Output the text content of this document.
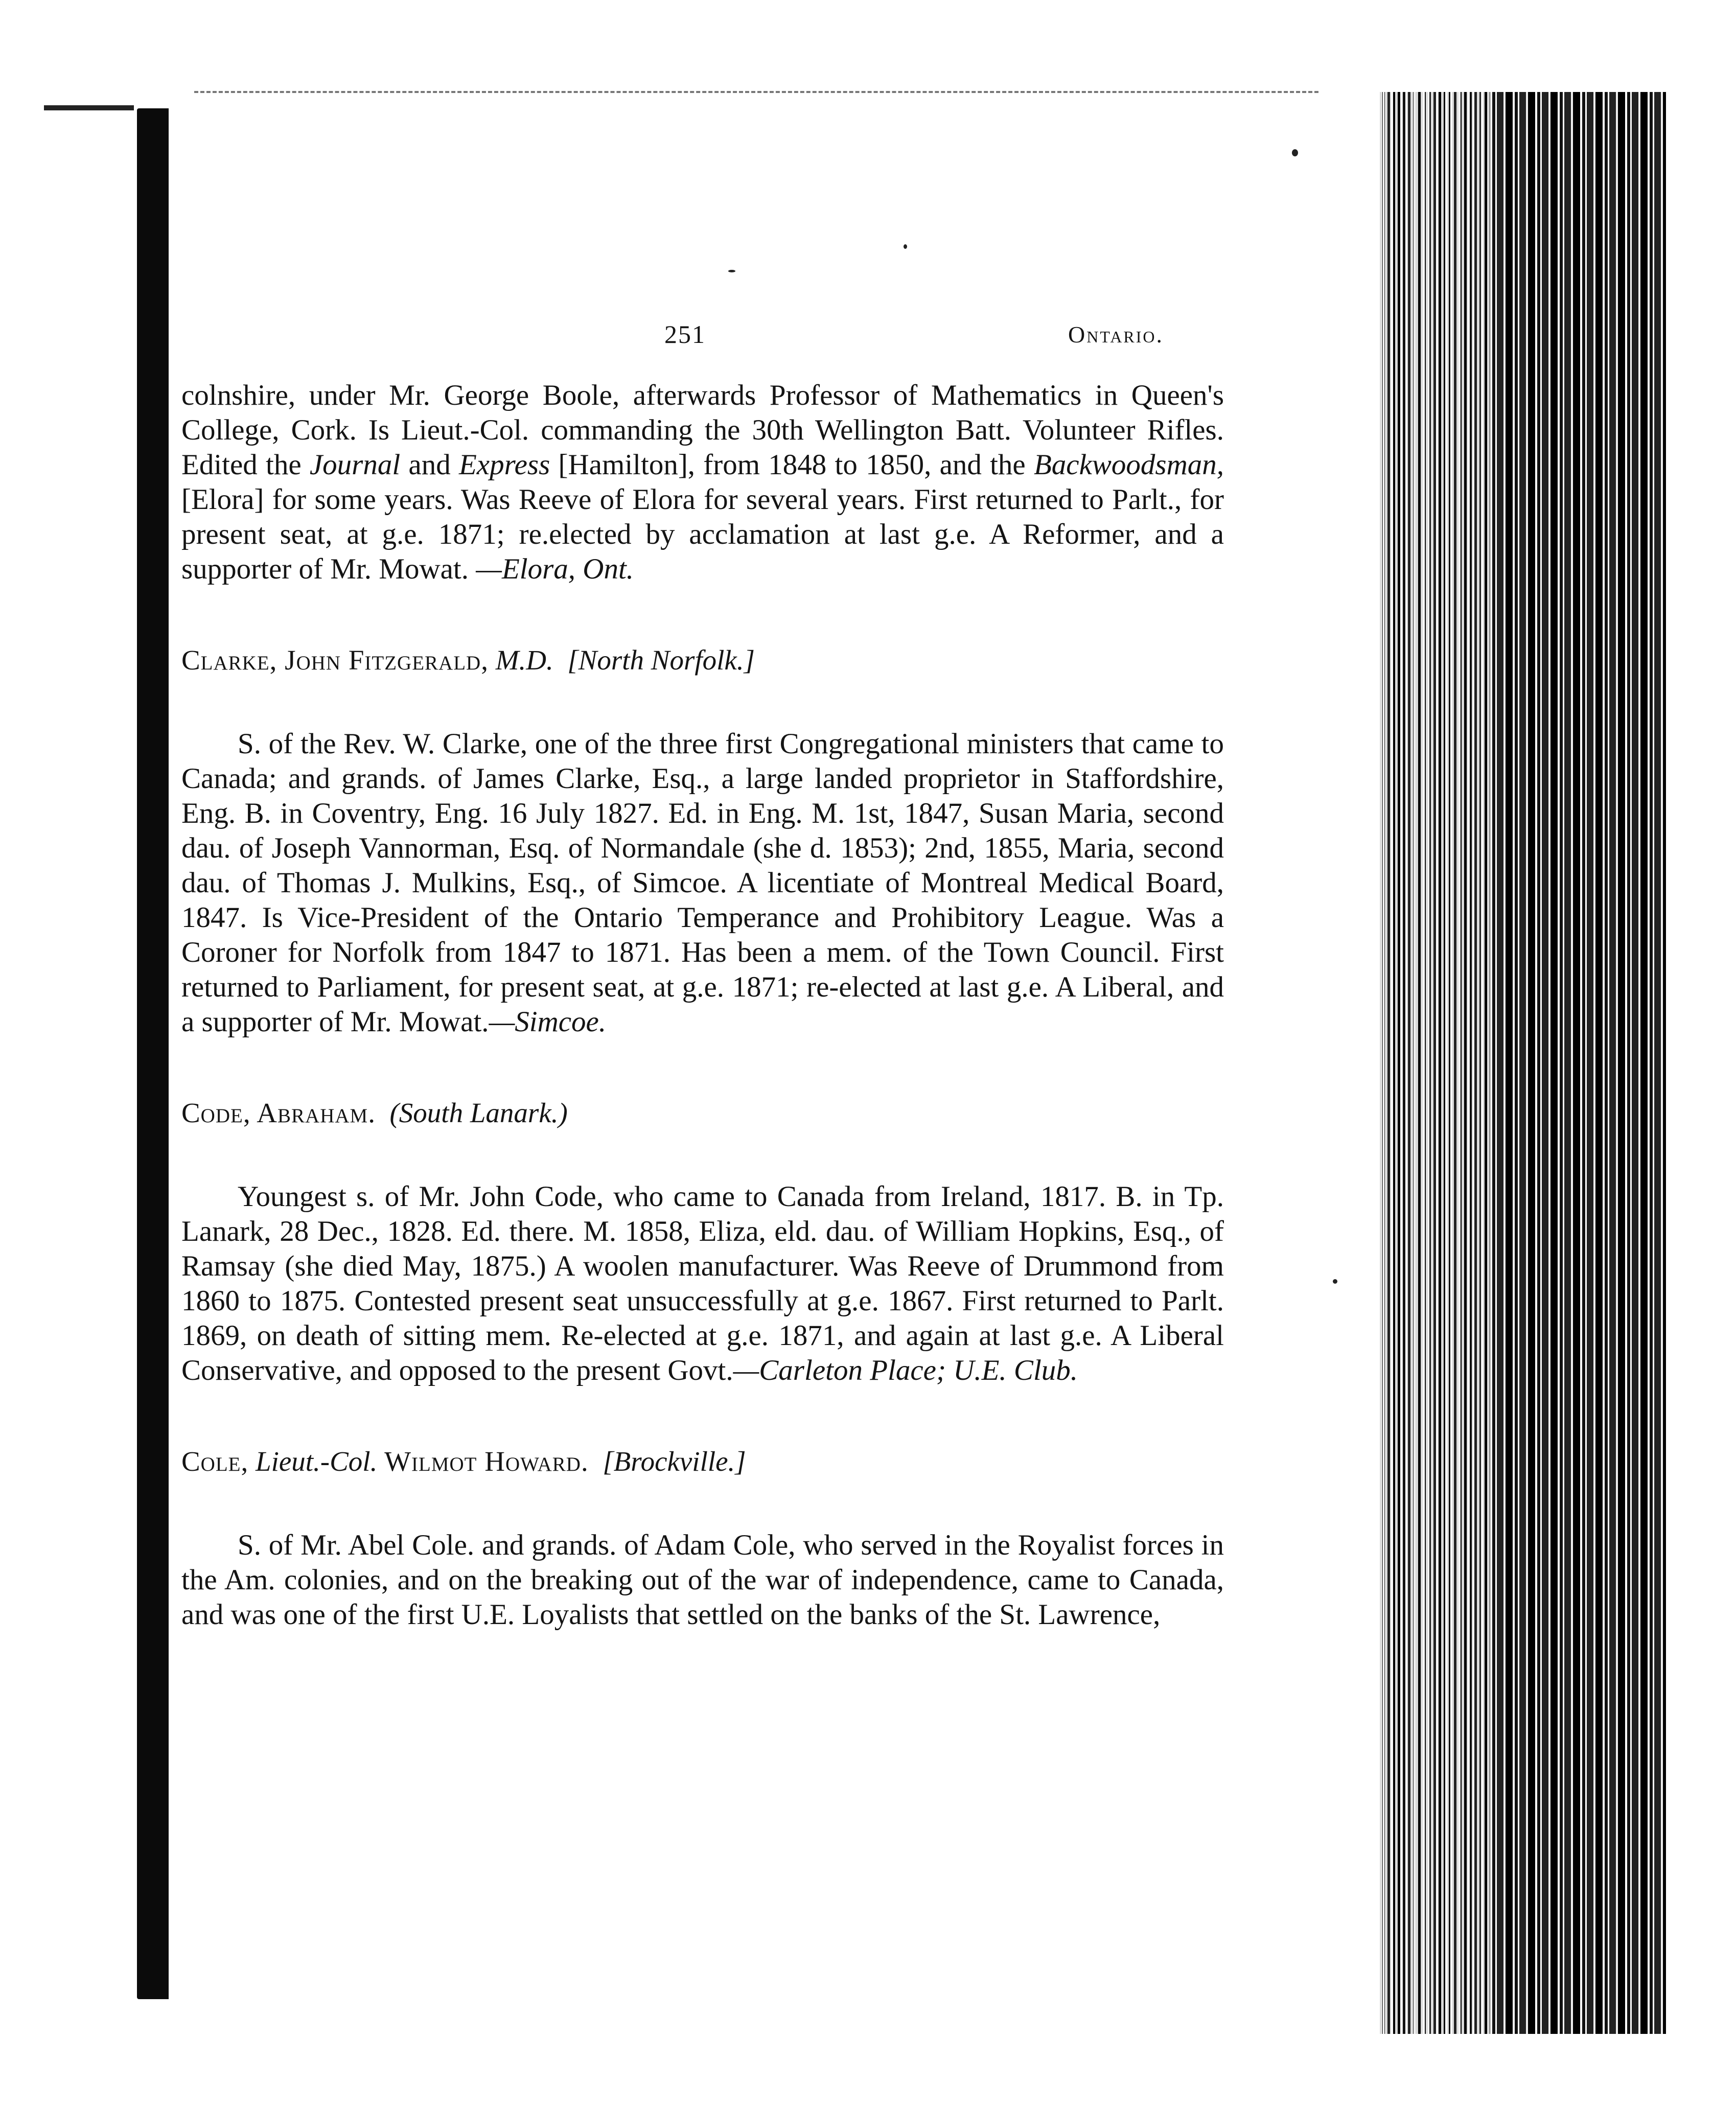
251	Ontario.

colnshire, under Mr. George Boole, afterwards Professor of Mathematics in Queen's College, Cork. Is Lieut.-Col. commanding the 30th Wellington Batt. Volunteer Rifles. Edited the Journal and Express [Hamilton], from 1848 to 1850, and the Backwoodsman, [Elora] for some years. Was Reeve of Elora for several years. First returned to Parlt., for present seat, at g.e. 1871; re.elected by acclamation at last g.e. A Reformer, and a supporter of Mr. Mowat. —Elora, Ont.

Clarke, John Fitzgerald, M.D. [North Norfolk.]

S. of the Rev. W. Clarke, one of the three first Congregational ministers that came to Canada; and grands. of James Clarke, Esq., a large landed proprietor in Staffordshire, Eng. B. in Coventry, Eng. 16 July 1827. Ed. in Eng. M. 1st, 1847, Susan Maria, second dau. of Joseph Vannorman, Esq. of Normandale (she d. 1853); 2nd, 1855, Maria, second dau. of Thomas J. Mulkins, Esq., of Simcoe. A licentiate of Montreal Medical Board, 1847. Is Vice-President of the Ontario Temperance and Prohibitory League. Was a Coroner for Norfolk from 1847 to 1871. Has been a mem. of the Town Council. First returned to Parliament, for present seat, at g.e. 1871; re-elected at last g.e. A Liberal, and a supporter of Mr. Mowat.—Simcoe.

Code, Abraham. (South Lanark.)

Youngest s. of Mr. John Code, who came to Canada from Ireland, 1817. B. in Tp. Lanark, 28 Dec., 1828. Ed. there. M. 1858, Eliza, eld. dau. of William Hopkins, Esq., of Ramsay (she died May, 1875.) A woolen manufacturer. Was Reeve of Drummond from 1860 to 1875. Contested present seat unsuccessfully at g.e. 1867. First returned to Parlt. 1869, on death of sitting mem. Re-elected at g.e. 1871, and again at last g.e. A Liberal Conservative, and opposed to the present Govt.—Carleton Place; U.E. Club.

Cole, Lieut.-Col. Wilmot Howard. [Brockville.]

S. of Mr. Abel Cole. and grands. of Adam Cole, who served in the Royalist forces in the Am. colonies, and on the breaking out of the war of independence, came to Canada, and was one of the first U.E. Loyalists that settled on the banks of the St. Lawrence,
